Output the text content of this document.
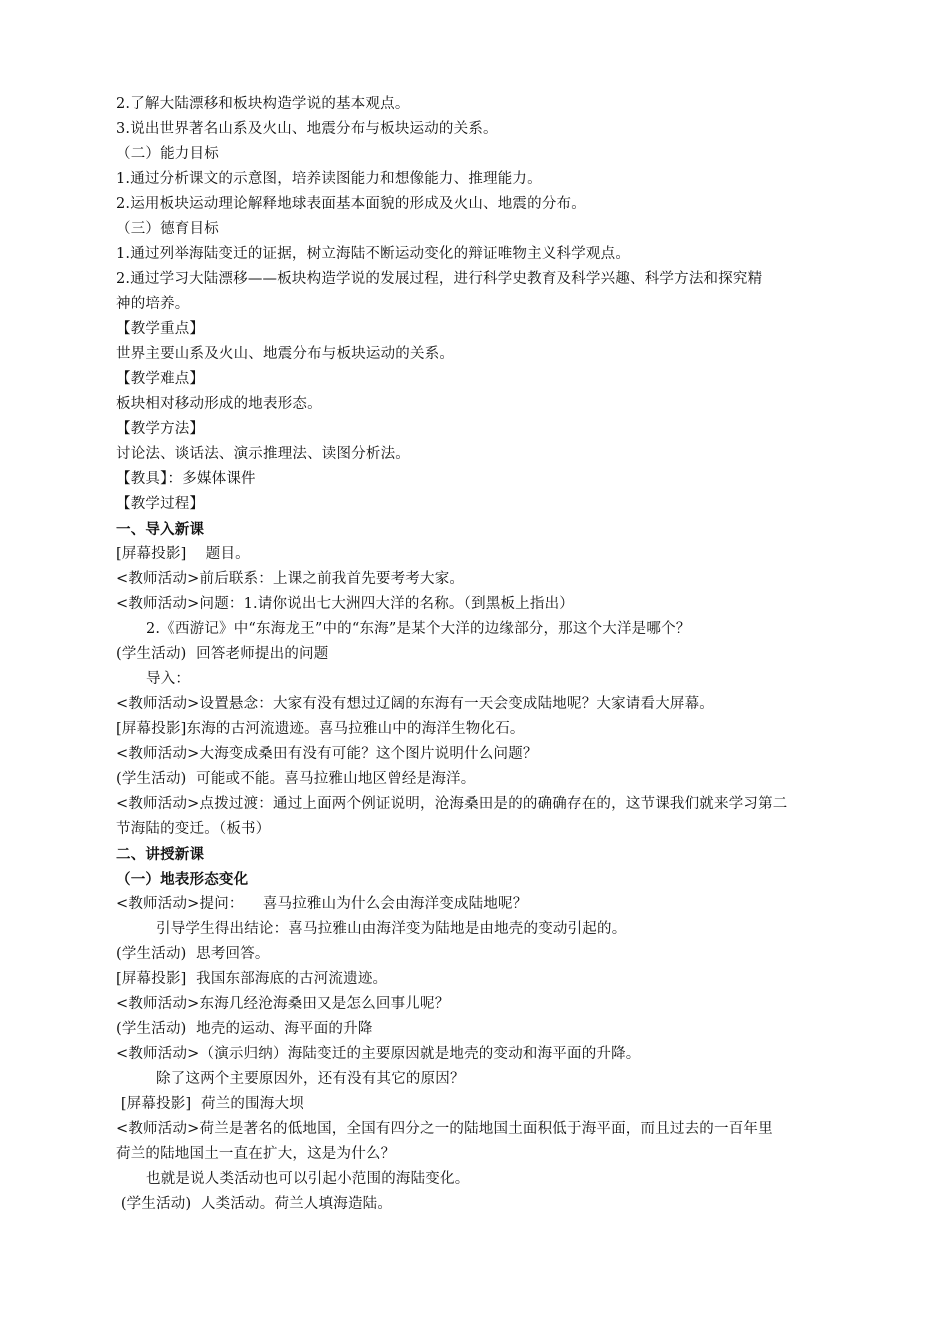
2.了解大陆漂移和板块构造学说的基本观点。
3.说出世界著名山系及火山、地震分布与板块运动的关系。
（二）能力目标
1.通过分析课文的示意图，培养读图能力和想像能力、推理能力。
2.运用板块运动理论解释地球表面基本面貌的形成及火山、地震的分布。
（三）德育目标
1.通过列举海陆变迁的证据，树立海陆不断运动变化的辩证唯物主义科学观点。
2.通过学习大陆漂移——板块构造学说的发展过程，进行科学史教育及科学兴趣、科学方法和探究精
神的培养。
【教学重点】
世界主要山系及火山、地震分布与板块运动的关系。
【教学难点】
板块相对移动形成的地表形态。
【教学方法】
讨论法、谈话法、演示推理法、读图分析法。
【教具】：多媒体课件
【教学过程】
一、导入新课
[屏幕投影]    题目。
<教师活动>前后联系：上课之前我首先要考考大家。
<教师活动>问题：1.请你说出七大洲四大洋的名称。（到黑板上指出）
2.《西游记》中“东海龙王”中的“东海”是某个大洋的边缘部分，那这个大洋是哪个？
(学生活动)  回答老师提出的问题
导入：
<教师活动>设置悬念：大家有没有想过辽阔的东海有一天会变成陆地呢？大家请看大屏幕。
[屏幕投影]东海的古河流遗迹。喜马拉雅山中的海洋生物化石。
<教师活动>大海变成桑田有没有可能？这个图片说明什么问题？
(学生活动)  可能或不能。喜马拉雅山地区曾经是海洋。
<教师活动>点拨过渡：通过上面两个例证说明，沧海桑田是的的确确存在的，这节课我们就来学习第二
节海陆的变迁。（板书）
二、讲授新课
（一）地表形态变化
<教师活动>提问：    喜马拉雅山为什么会由海洋变成陆地呢？
引导学生得出结论：喜马拉雅山由海洋变为陆地是由地壳的变动引起的。
(学生活动)  思考回答。
[屏幕投影]  我国东部海底的古河流遗迹。
<教师活动>东海几经沧海桑田又是怎么回事儿呢？
(学生活动)  地壳的运动、海平面的升降
<教师活动>（演示归纳）海陆变迁的主要原因就是地壳的变动和海平面的升降。
除了这两个主要原因外，还有没有其它的原因？
[屏幕投影]  荷兰的围海大坝
<教师活动>荷兰是著名的低地国，全国有四分之一的陆地国土面积低于海平面，而且过去的一百年里
荷兰的陆地国土一直在扩大，这是为什么？
也就是说人类活动也可以引起小范围的海陆变化。
(学生活动)  人类活动。荷兰人填海造陆。
